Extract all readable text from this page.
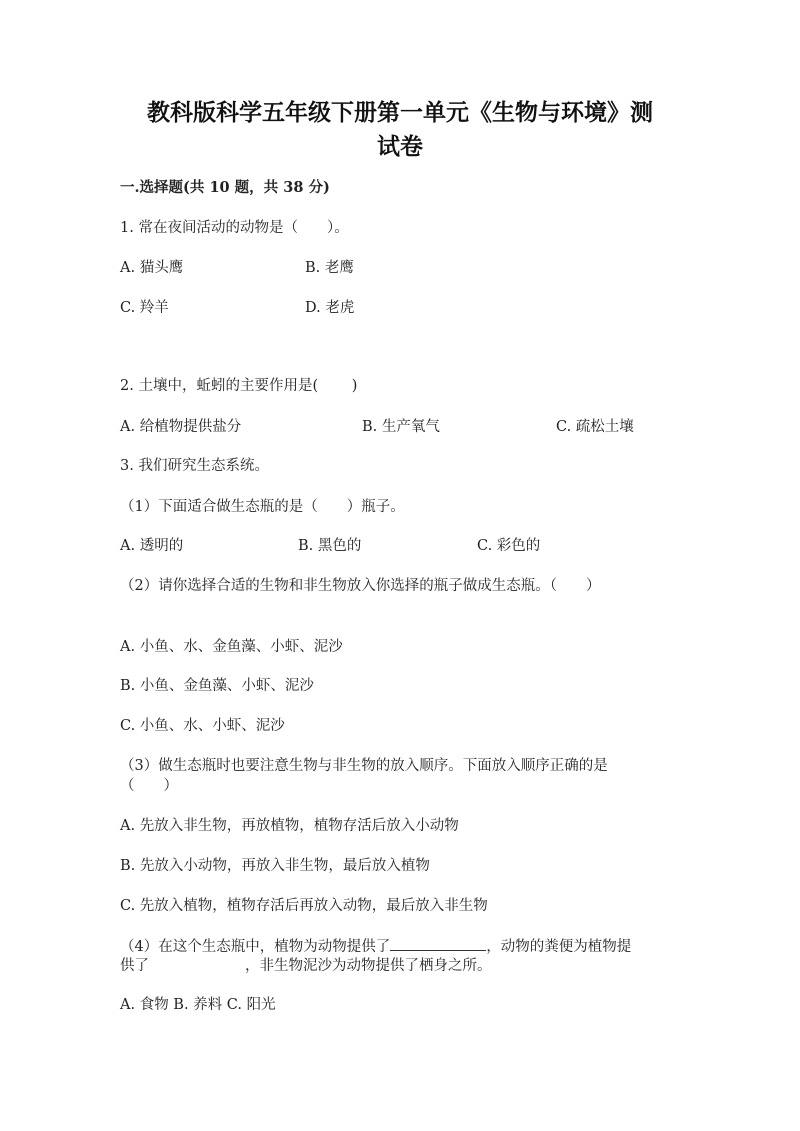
教科版科学五年级下册第一单元《生物与环境》测
试卷
一.选择题(共 10 题，共 38 分)
1. 常在夜间活动的动物是（　　）。
A. 猫头鹰	B. 老鹰
C. 羚羊	D. 老虎
2. 土壤中，蚯蚓的主要作用是(　　 )
A. 给植物提供盐分	B. 生产氧气	C. 疏松土壤
3. 我们研究生态系统。
（1）下面适合做生态瓶的是（　　）瓶子。
A. 透明的	B. 黑色的	C. 彩色的
（2）请你选择合适的生物和非生物放入你选择的瓶子做成生态瓶。（　　）
A. 小鱼、水、金鱼藻、小虾、泥沙
B. 小鱼、金鱼藻、小虾、泥沙
C. 小鱼、水、小虾、泥沙
（3）做生态瓶时也要注意生物与非生物的放入顺序。下面放入顺序正确的是
（　　）
A. 先放入非生物，再放植物，植物存活后放入小动物
B. 先放入小动物，再放入非生物，最后放入植物
C. 先放入植物，植物存活后再放入动物，最后放入非生物
（4）在这个生态瓶中，植物为动物提供了	，动物的粪便为植物提
供了	，非生物泥沙为动物提供了栖身之所。
A. 食物 B. 养料 C. 阳光
